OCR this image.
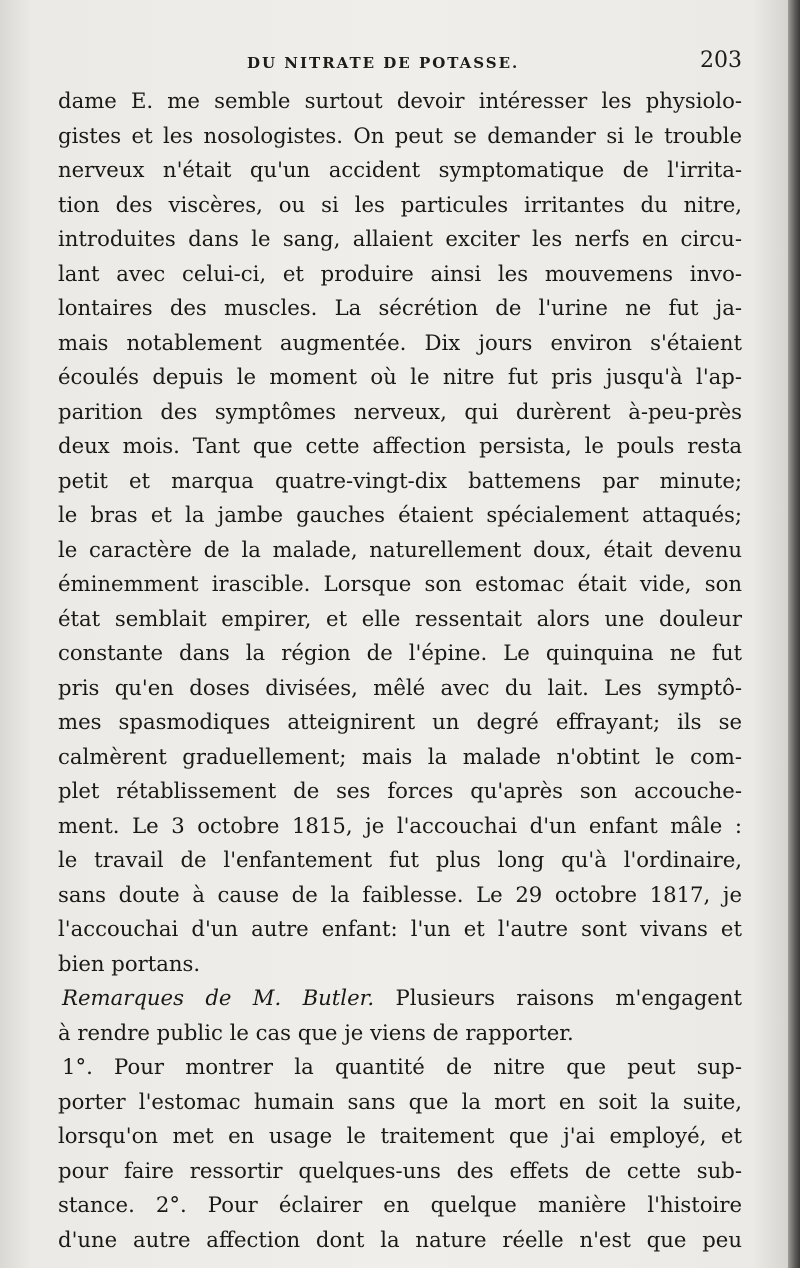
DU NITRATE DE POTASSE.	203
dame E. me semble surtout devoir intéresser les physiolo-
gistes et les nosologistes. On peut se demander si le trouble
nerveux n'était qu'un accident symptomatique de l'irrita-
tion des viscères, ou si les particules irritantes du nitre,
introduites dans le sang, allaient exciter les nerfs en circu-
lant avec celui-ci, et produire ainsi les mouvemens invo-
lontaires des muscles. La sécrétion de l'urine ne fut ja-
mais notablement augmentée. Dix jours environ s'étaient
écoulés depuis le moment où le nitre fut pris jusqu'à l'ap-
parition des symptômes nerveux, qui durèrent à-peu-près
deux mois. Tant que cette affection persista, le pouls resta
petit et marqua quatre-vingt-dix battemens par minute;
le bras et la jambe gauches étaient spécialement attaqués;
le caractère de la malade, naturellement doux, était devenu
éminemment irascible. Lorsque son estomac était vide, son
état semblait empirer, et elle ressentait alors une douleur
constante dans la région de l'épine. Le quinquina ne fut
pris qu'en doses divisées, mêlé avec du lait. Les symptô-
mes spasmodiques atteignirent un degré effrayant; ils se
calmèrent graduellement; mais la malade n'obtint le com-
plet rétablissement de ses forces qu'après son accouche-
ment. Le 3 octobre 1815, je l'accouchai d'un enfant mâle :
le travail de l'enfantement fut plus long qu'à l'ordinaire,
sans doute à cause de la faiblesse. Le 29 octobre 1817, je
l'accouchai d'un autre enfant: l'un et l'autre sont vivans et
bien portans.
Remarques de M. Butler. Plusieurs raisons m'engagent
à rendre public le cas que je viens de rapporter.
1°. Pour montrer la quantité de nitre que peut sup-
porter l'estomac humain sans que la mort en soit la suite,
lorsqu'on met en usage le traitement que j'ai employé, et
pour faire ressortir quelques-uns des effets de cette sub-
stance. 2°. Pour éclairer en quelque manière l'histoire
d'une autre affection dont la nature réelle n'est que peu
